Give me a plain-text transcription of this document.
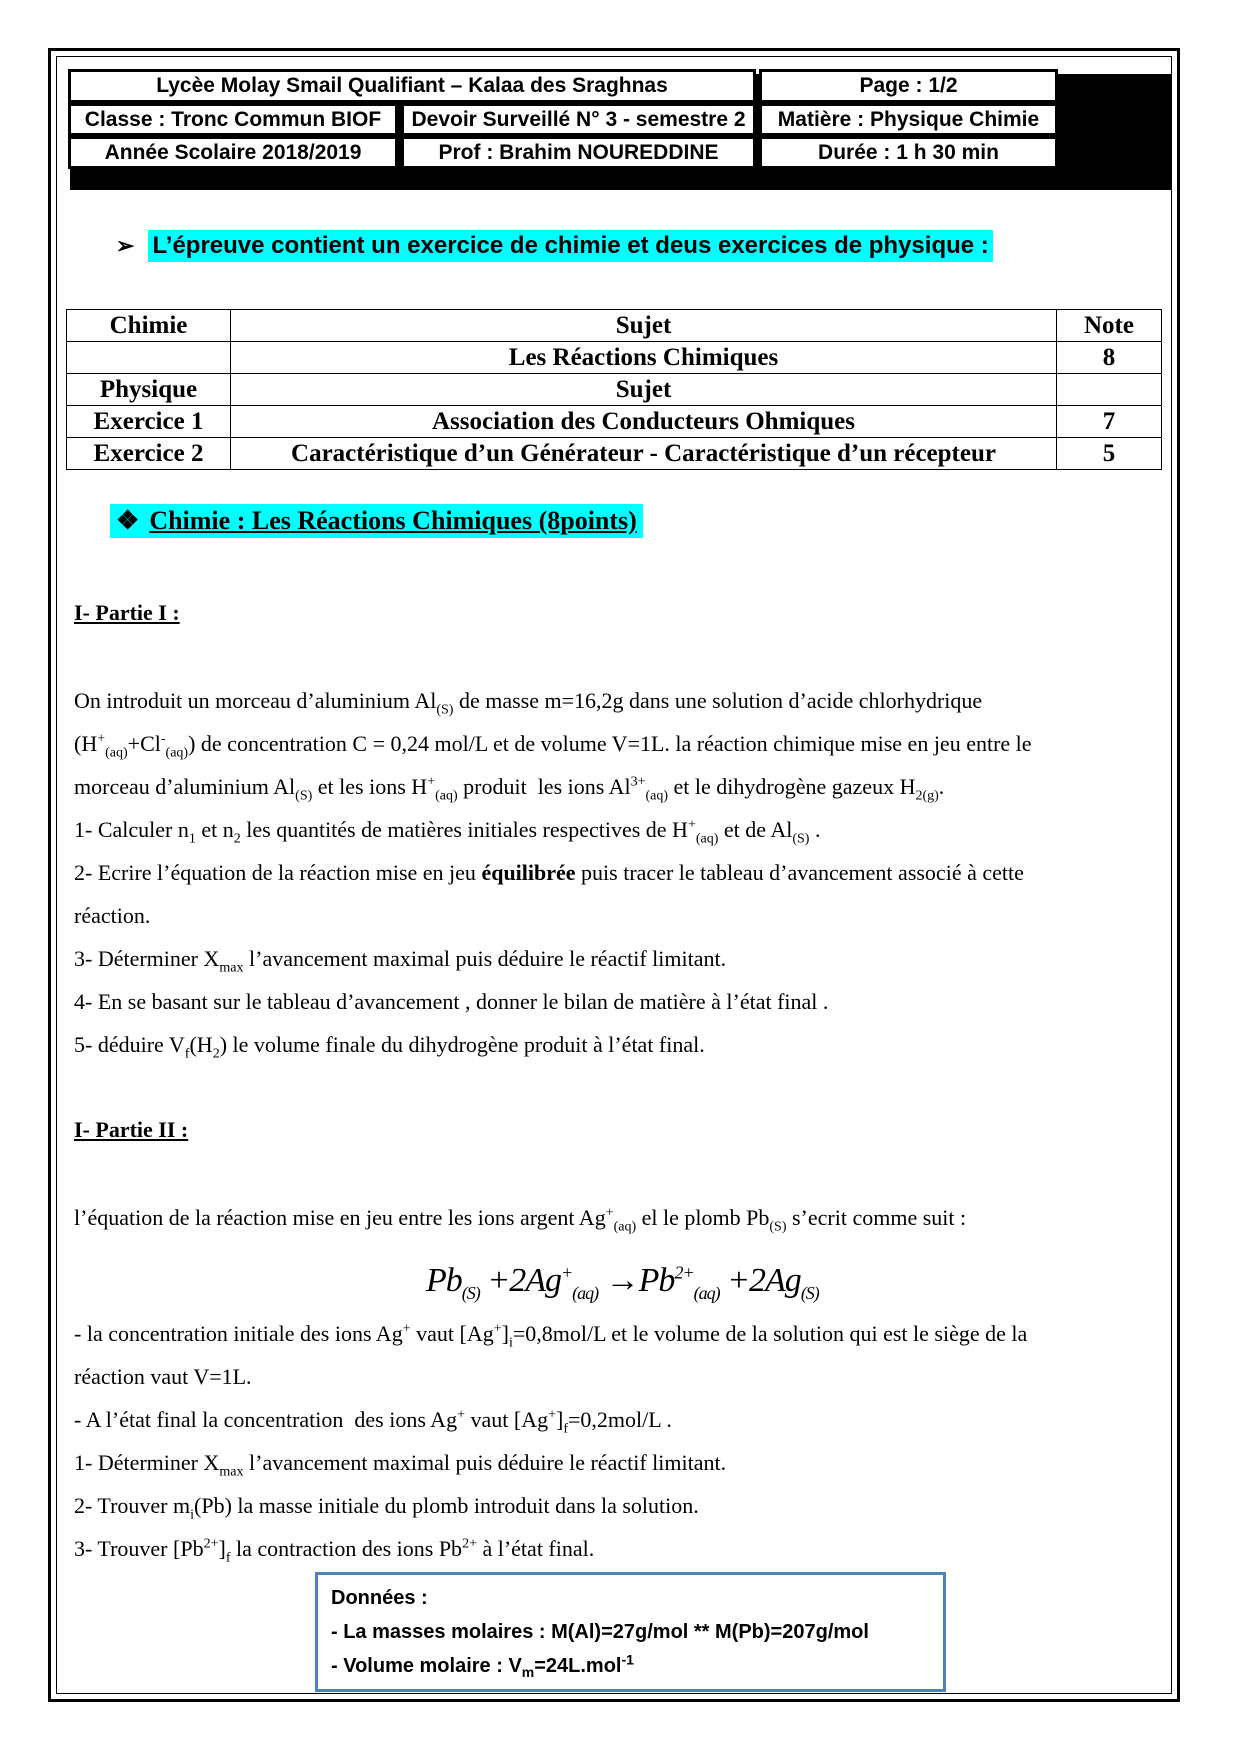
Lycèe Molay Smail Qualifiant – Kalaa des Sraghnas	Page : 1/2
Classe : Tronc Commun BIOF	Devoir Surveillé N° 3 - semestre 2	Matière : Physique Chimie
Année Scolaire 2018/2019	Prof : Brahim NOUREDDINE	Durée : 1 h 30 min
➢ L’épreuve contient un exercice de chimie et deus exercices de physique :
Chimie	Sujet	Note
	Les Réactions Chimiques	8
Physique	Sujet	
Exercice 1	Association des Conducteurs Ohmiques	7
Exercice 2	Caractéristique d’un Générateur - Caractéristique d’un récepteur	5
❖ Chimie : Les Réactions Chimiques (8points)
I- Partie I :
On introduit un morceau d’aluminium $Al_{(S)}$ de masse m=16,2g dans une solution d’acide chlorhydrique
$(H^+_{(aq)}+Cl^-_{(aq)})$ de concentration C = 0,24 mol/L et de volume V=1L. la réaction chimique mise en jeu entre le
morceau d’aluminium $Al_{(S)}$ et les ions $H^+_{(aq)}$ produit  les ions $Al^{3+}_{(aq)}$ et le dihydrogène gazeux $H_{2(g)}$.
1- Calculer $n_1$ et $n_2$ les quantités de matières initiales respectives de $H^+_{(aq)}$ et de $Al_{(S)}$ .
2- Ecrire l’équation de la réaction mise en jeu équilibrée puis tracer le tableau d’avancement associé à cette
réaction.
3- Déterminer $X_{max}$ l’avancement maximal puis déduire le réactif limitant.
4- En se basant sur le tableau d’avancement , donner le bilan de matière à l’état final .
5- déduire $V_f(H_2)$ le volume finale du dihydrogène produit à l’état final.
I- Partie II :
l’équation de la réaction mise en jeu entre les ions argent $Ag^+_{(aq)}$ el le plomb $Pb_{(S)}$ s’ecrit comme suit :
$Pb_{(S)} +2Ag^+_{(aq)} \to Pb^{2+}_{(aq)} +2Ag_{(S)}$
- la concentration initiale des ions Ag+ vaut $[Ag^+]_i=0,8mol/L$ et le volume de la solution qui est le siège de la
réaction vaut V=1L.
- A l’état final la concentration  des ions Ag+ vaut $[Ag^+]_f=0,2mol/L$ .
1- Déterminer $X_{max}$ l’avancement maximal puis déduire le réactif limitant.
2- Trouver $m_i(Pb)$ la masse initiale du plomb introduit dans la solution.
3- Trouver $[Pb^{2+}]_f$ la contraction des ions $Pb^{2+}$ à l’état final.
Données :
- La masses molaires : M(Al)=27g/mol ** M(Pb)=207g/mol
- Volume molaire : $V_m=24L.mol^{-1}$
